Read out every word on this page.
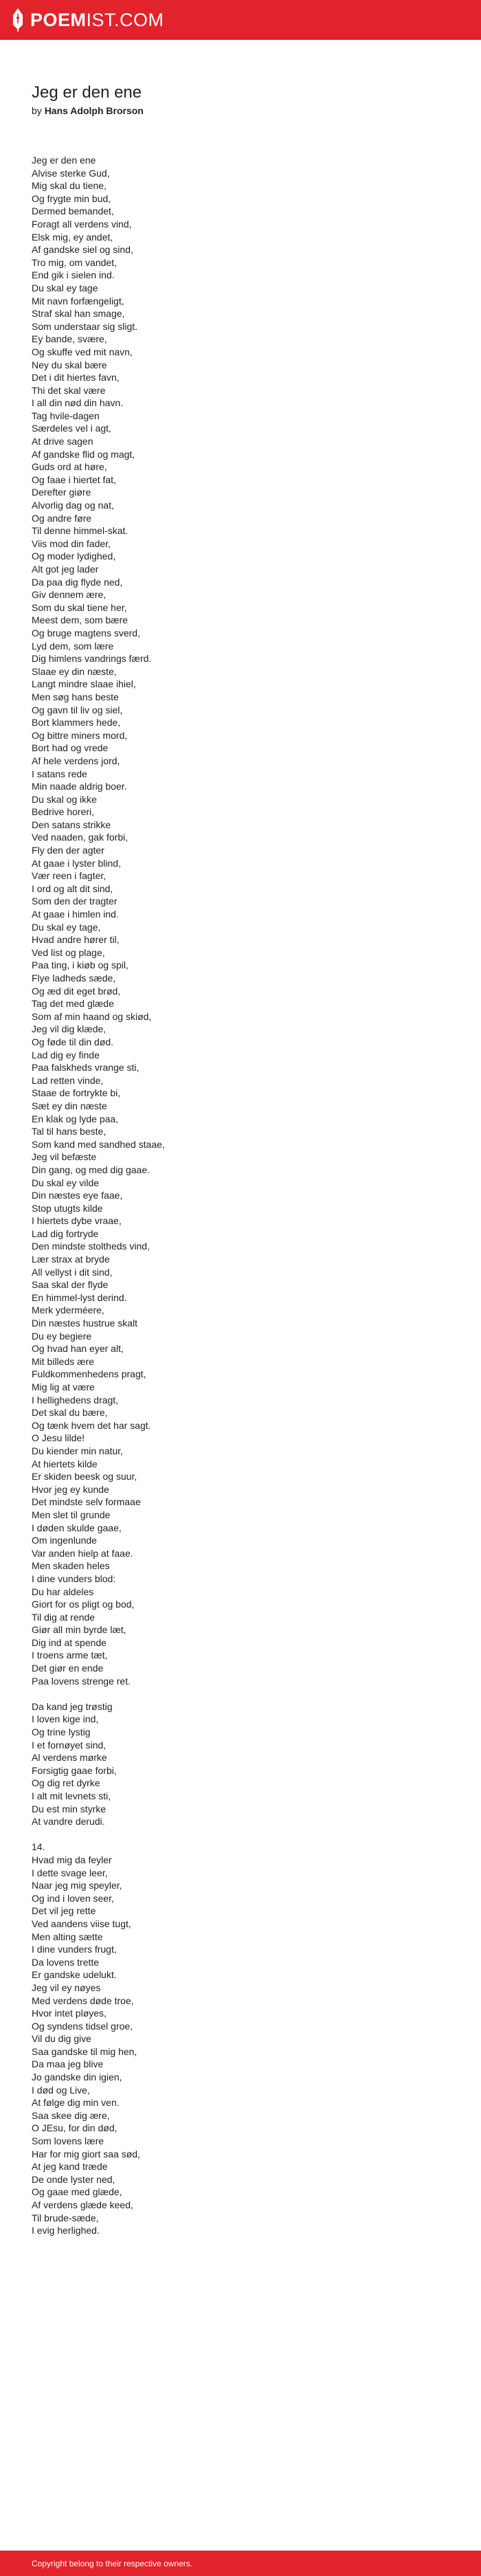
POEMIST.COM
Jeg er den ene
by Hans Adolph Brorson
Jeg er den ene
Alvise sterke Gud,
Mig skal du tiene,
Og frygte min bud,
Dermed bemandet,
Foragt all verdens vind,
Elsk mig, ey andet,
Af gandske siel og sind,
Tro mig, om vandet,
End gik i sielen ind.
Du skal ey tage
Mit navn forfængeligt,
Straf skal han smage,
Som understaar sig sligt.
Ey bande, svære,
Og skuffe ved mit navn,
Ney du skal bære
Det i dit hiertes favn,
Thi det skal være
I all din nød din havn.
Tag hvile-dagen
Særdeles vel i agt,
At drive sagen
Af gandske flid og magt,
Guds ord at høre,
Og faae i hiertet fat,
Derefter giøre
Alvorlig dag og nat,
Og andre føre
Til denne himmel-skat.
Viis mod din fader,
Og moder lydighed,
Alt got jeg lader
Da paa dig flyde ned,
Giv dennem ære,
Som du skal tiene her,
Meest dem, som bære
Og bruge magtens sverd,
Lyd dem, som lære
Dig himlens vandrings færd.
Slaae ey din næste,
Langt mindre slaae ihiel,
Men søg hans beste
Og gavn til liv og siel,
Bort klammers hede,
Og bittre miners mord,
Bort had og vrede
Af hele verdens jord,
I satans rede
Min naade aldrig boer.
Du skal og ikke
Bedrive horeri,
Den satans strikke
Ved naaden, gak forbi,
Fly den der agter
At gaae i lyster blind,
Vær reen i fagter,
I ord og alt dit sind,
Som den der tragter
At gaae i himlen ind.
Du skal ey tage,
Hvad andre hører til,
Ved list og plage,
Paa ting, i kiøb og spil,
Flye ladheds sæde,
Og æd dit eget brød,
Tag det med glæde
Som af min haand og skiød,
Jeg vil dig klæde,
Og føde til din død.
Lad dig ey finde
Paa falskheds vrange sti,
Lad retten vinde,
Staae de fortrykte bi,
Sæt ey din næste
En klak og lyde paa,
Tal til hans beste,
Som kand med sandhed staae,
Jeg vil befæste
Din gang, og med dig gaae.
Du skal ey vilde
Din næstes eye faae,
Stop utugts kilde
I hiertets dybe vraae,
Lad dig fortryde
Den mindste stoltheds vind,
Lær strax at bryde
All vellyst i dit sind,
Saa skal der flyde
En himmel-lyst derind.
Merk yderméere,
Din næstes hustrue skalt
Du ey begiere
Og hvad han eyer alt,
Mit billeds ære
Fuldkommenhedens pragt,
Mig lig at være
I hellighedens dragt,
Det skal du bære,
Og tænk hvem det har sagt.
O Jesu lilde!
Du kiender min natur,
At hiertets kilde
Er skiden beesk og suur,
Hvor jeg ey kunde
Det mindste selv formaae
Men slet til grunde
I døden skulde gaae,
Om ingenlunde
Var anden hielp at faae.
Men skaden heles
I dine vunders blod:
Du har aldeles
Giort for os pligt og bod,
Til dig at rende
Giør all min byrde læt,
Dig ind at spende
I troens arme tæt,
Det giør en ende
Paa lovens strenge ret.
Da kand jeg trøstig
I loven kige ind,
Og trine lystig
I et fornøyet sind,
Al verdens mørke
Forsigtig gaae forbi,
Og dig ret dyrke
I alt mit levnets sti,
Du est min styrke
At vandre derudi.
14.
Hvad mig da feyler
I dette svage leer,
Naar jeg mig speyler,
Og ind i loven seer,
Det vil jeg rette
Ved aandens viise tugt,
Men alting sætte
I dine vunders frugt,
Da lovens trette
Er gandske udelukt.
Jeg vil ey nøyes
Med verdens døde troe,
Hvor intet pløyes,
Og syndens tidsel groe,
Vil du dig give
Saa gandske til mig hen,
Da maa jeg blive
Jo gandske din igien,
I død og Live,
At følge dig min ven.
Saa skee dig ære,
O JEsu, for din død,
Som lovens lære
Har for mig giort saa sød,
At jeg kand træde
De onde lyster ned,
Og gaae med glæde,
Af verdens glæde keed,
Til brude-sæde,
I evig herlighed.
Copyright belong to their respective owners.
